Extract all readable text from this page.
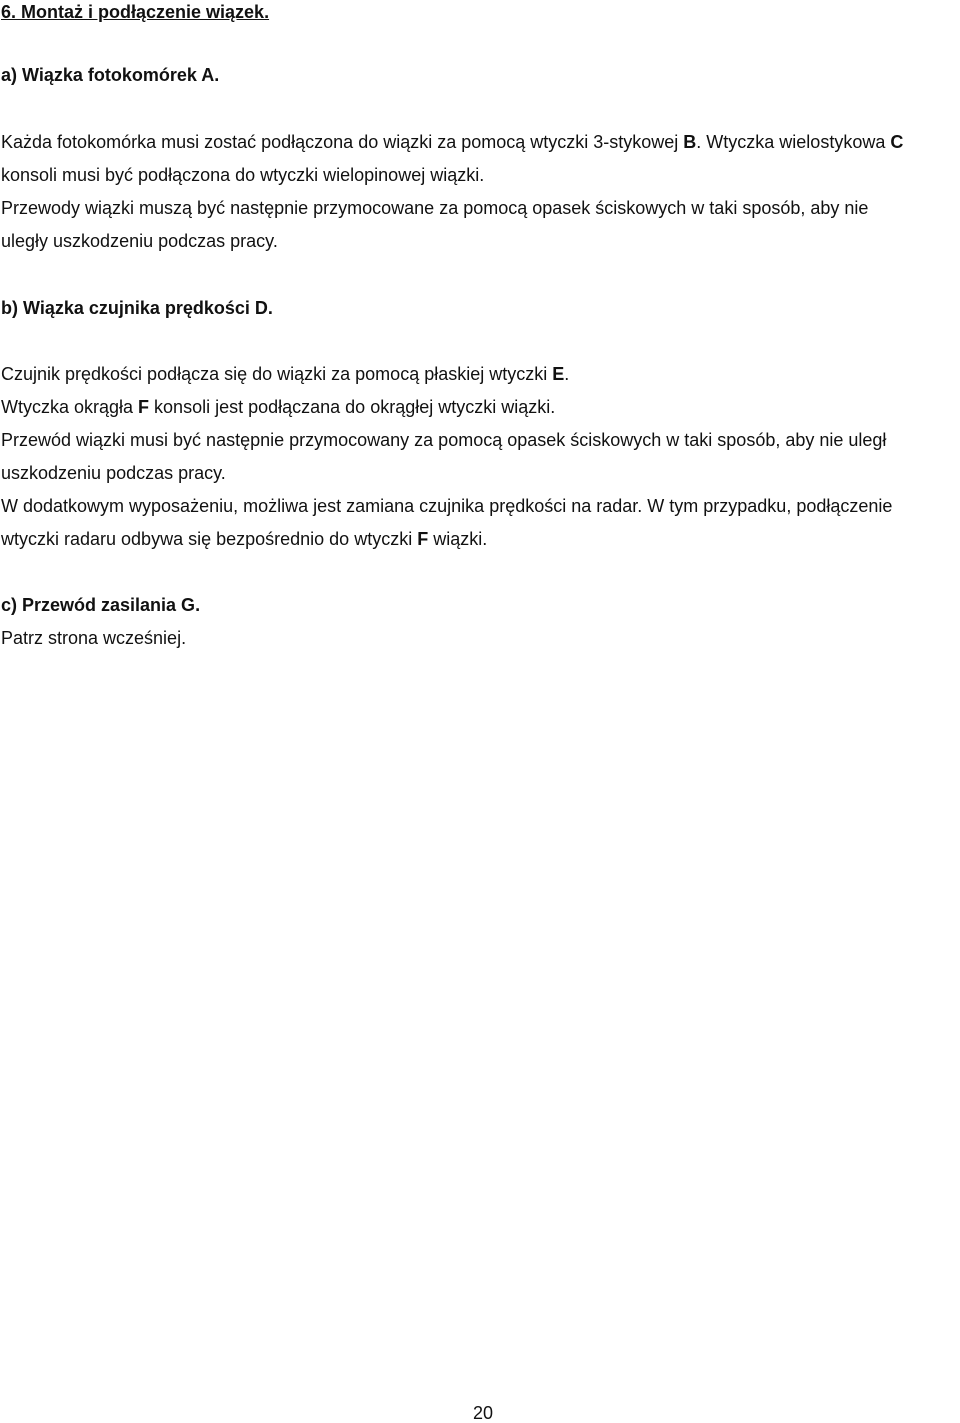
6. Montaż i podłączenie wiązek.
a) Wiązka fotokomórek A.
Każda fotokomórka musi zostać podłączona do wiązki za pomocą wtyczki 3-stykowej B. Wtyczka wielostykowa C
konsoli musi być podłączona do wtyczki wielopinowej wiązki.
Przewody wiązki muszą być następnie przymocowane za pomocą opasek ściskowych w taki sposób, aby nie
uległy uszkodzeniu podczas pracy.
b) Wiązka czujnika prędkości D.
Czujnik prędkości podłącza się do wiązki za pomocą płaskiej wtyczki E.
Wtyczka okrągła F konsoli jest podłączana do okrągłej wtyczki wiązki.
Przewód wiązki musi być następnie przymocowany za pomocą opasek ściskowych w taki sposób, aby nie uległ
uszkodzeniu podczas pracy.
W dodatkowym wyposażeniu, możliwa jest zamiana czujnika prędkości na radar. W tym przypadku, podłączenie
wtyczki radaru odbywa się bezpośrednio do wtyczki F wiązki.
c) Przewód zasilania G.
Patrz strona wcześniej.
20
